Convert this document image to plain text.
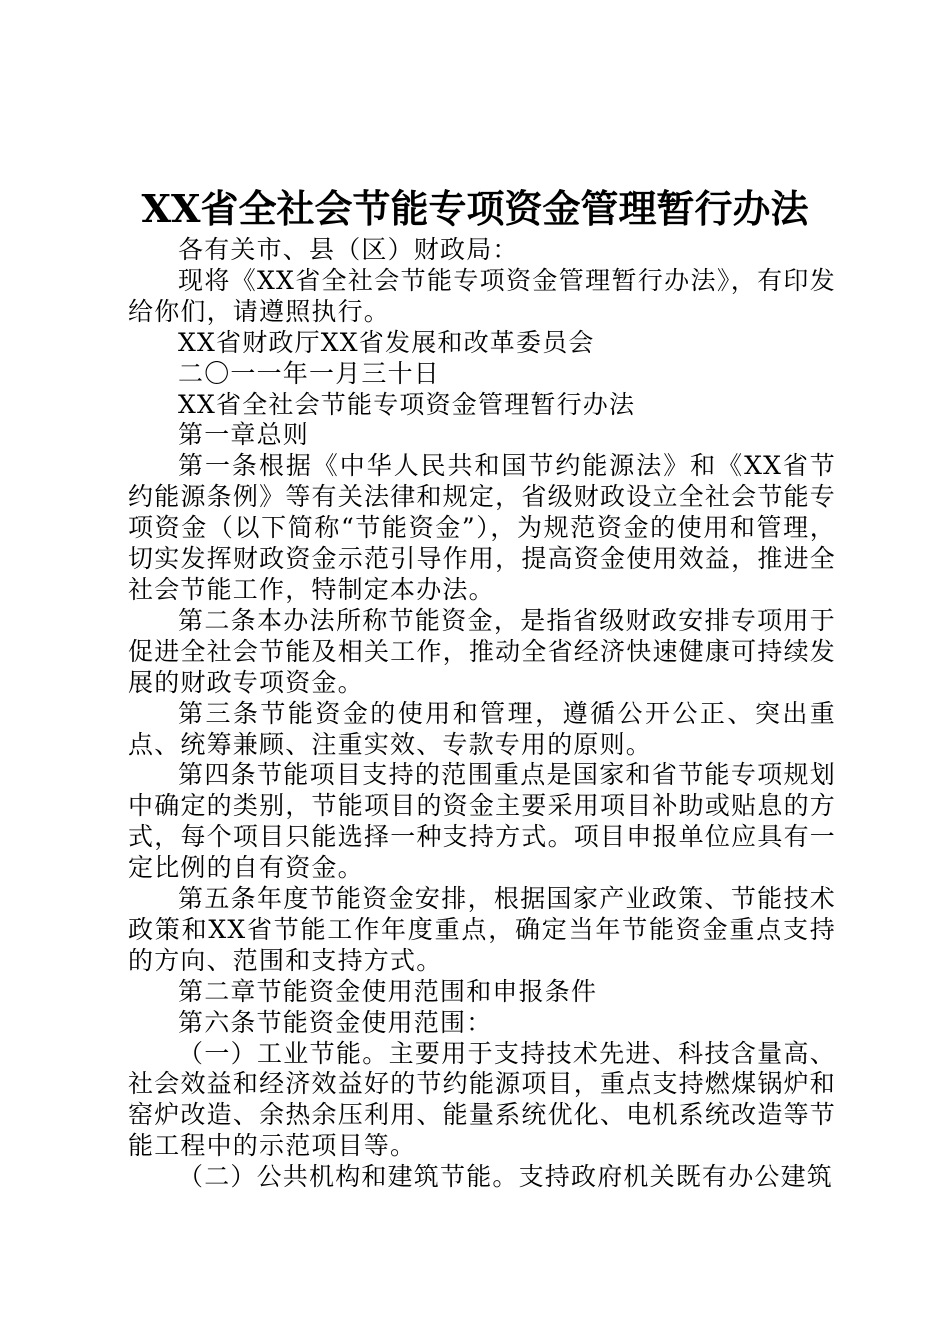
XX省全社会节能专项资金管理暂行办法

各有关市、县（区）财政局：

现将《XX省全社会节能专项资金管理暂行办法》，有印发给你们，请遵照执行。

XX省财政厅XX省发展和改革委员会

二〇一一年一月三十日

XX省全社会节能专项资金管理暂行办法

第一章总则

第一条根据《中华人民共和国节约能源法》和《XX省节约能源条例》等有关法律和规定，省级财政设立全社会节能专项资金（以下简称“节能资金”），为规范资金的使用和管理，切实发挥财政资金示范引导作用，提高资金使用效益，推进全社会节能工作，特制定本办法。

第二条本办法所称节能资金，是指省级财政安排专项用于促进全社会节能及相关工作，推动全省经济快速健康可持续发展的财政专项资金。

第三条节能资金的使用和管理，遵循公开公正、突出重点、统筹兼顾、注重实效、专款专用的原则。

第四条节能项目支持的范围重点是国家和省节能专项规划中确定的类别，节能项目的资金主要采用项目补助或贴息的方式，每个项目只能选择一种支持方式。项目申报单位应具有一定比例的自有资金。

第五条年度节能资金安排，根据国家产业政策、节能技术政策和XX省节能工作年度重点，确定当年节能资金重点支持的方向、范围和支持方式。

第二章节能资金使用范围和申报条件

第六条节能资金使用范围：

（一）工业节能。主要用于支持技术先进、科技含量高、社会效益和经济效益好的节约能源项目，重点支持燃煤锅炉和窑炉改造、余热余压利用、能量系统优化、电机系统改造等节能工程中的示范项目等。

（二）公共机构和建筑节能。支持政府机关既有办公建筑
